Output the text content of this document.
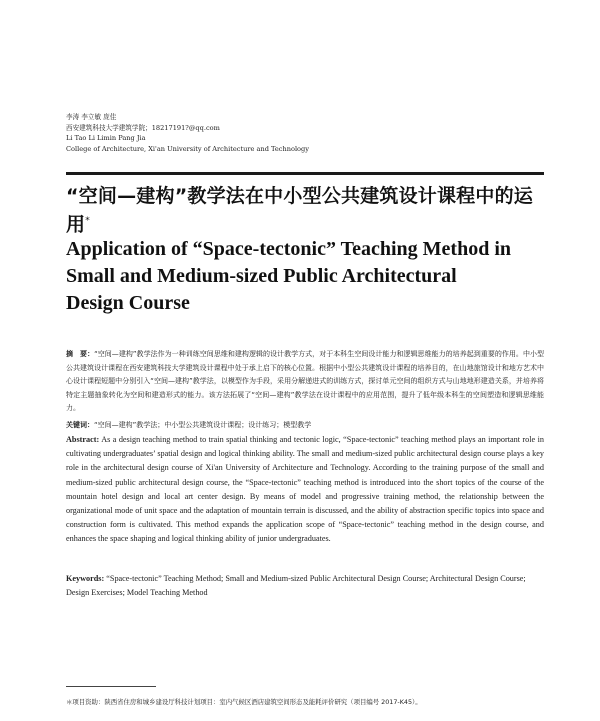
李涛 李立敏 庞佳
西安建筑科技大学建筑学院；18217191?@qq.com
Li Tao Li Limin Pang Jia
College of Architecture, Xi'an University of Architecture and Technology
“空间—建构”教学法在中小型公共建筑设计课程中的运用*
Application of “Space-tectonic” Teaching Method in
Small and Medium-sized Public Architectural
Design Course
摘　要：“空间—建构”教学法作为一种训练空间思维和建构逻辑的设计教学方式，对于本科生空间设计能力和逻辑思维能力的培养起到重要的作用。中小型公共建筑设计课程在西安建筑科技大学建筑设计课程中处于承上启下的核心位置。根据中小型公共建筑设计课程的培养目的，在山地旅馆设计和地方艺术中心设计课程短题中分别引入“空间—建构”教学法，以模型作为手段，采用分解递进式的训练方式，探讨单元空间的组织方式与山地地形建造关系，并培养将特定主题抽象转化为空间和建造形式的能力。该方法拓展了“空间—建构”教学法在设计课程中的应用范围，提升了低年级本科生的空间塑造和逻辑思维能力。
关键词：“空间—建构”教学法；中小型公共建筑设计课程；设计练习；模型教学
Abstract: As a design teaching method to train spatial thinking and tectonic logic, “Space-tectonic” teaching method plays an important role in cultivating undergraduates’ spatial design and logical thinking ability. The small and medium-sized public architectural design course plays a key role in the architectural design course of Xi'an University of Architecture and Technology. According to the training purpose of the small and medium-sized public architectural design course, the “Space-tectonic” teaching method is introduced into the short topics of the course of the mountain hotel design and local art center design. By means of model and progressive training method, the relationship between the organizational mode of unit space and the adaptation of mountain terrain is discussed, and the ability of abstraction specific topics into space and construction form is cultivated. This method expands the application scope of “Space-tectonic” teaching method in the design course, and enhances the space shaping and logical thinking ability of junior undergraduates.
Keywords: “Space-tectonic” Teaching Method; Small and Medium-sized Public Architectural Design Course; Architectural Design Course; Design Exercises; Model Teaching Method
＊项目资助：陕西省住房和城乡建设厅科技计划项目：室内气候区酒店建筑空间形态及能耗评价研究（项目编号 2017-K45）。
